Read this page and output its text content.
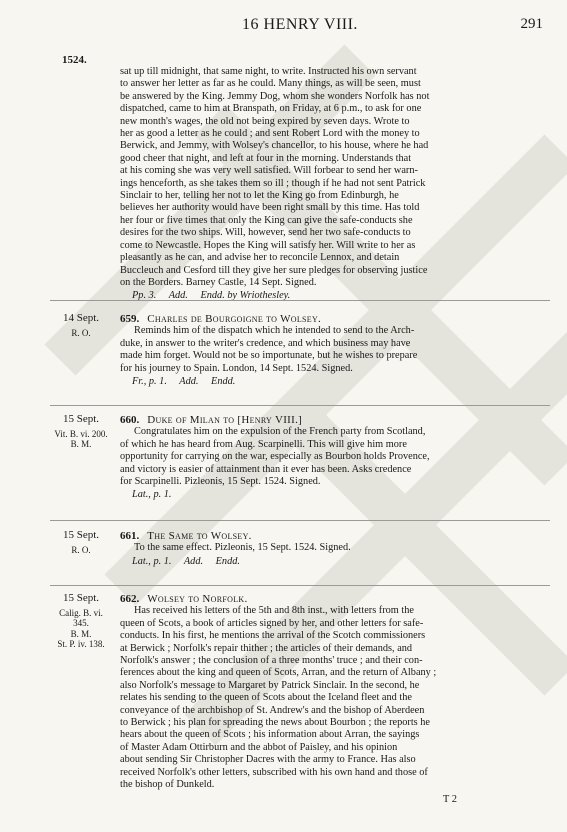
16 HENRY VIII.	291
1524.

sat up till midnight, that same night, to write. Instructed his own servant

to answer her letter as far as he could. Many things, as will be seen, must

be answered by the King. Jemmy Dog, whom she wonders Norfolk has not

dispatched, came to him at Branspath, on Friday, at 6 p.m., to ask for one

new month's wages, the old not being expired by seven days. Wrote to

her as good a letter as he could ; and sent Robert Lord with the money to

Berwick, and Jemmy, with Wolsey's chancellor, to his house, where he had

good cheer that night, and left at four in the morning. Understands that

at his coming she was very well satisfied. Will forbear to send her warn-

ings henceforth, as she takes them so ill ; though if he had not sent Patrick

Sinclair to her, telling her not to let the King go from Edinburgh, he

believes her authority would have been right small by this time. Has told

her four or five times that only the King can give the safe-conducts she

desires for the two ships. Will, however, send her two safe-conducts to

come to Newcastle. Hopes the King will satisfy her. Will write to her as

pleasantly as he can, and advise her to reconcile Lennox, and detain

Buccleuch and Cesford till they give her sure pledges for observing justice

on the Borders. Barney Castle, 14 Sept. Signed.

Pp. 3. Add. Endd. by Wriothesley.
14 Sept.
R. O.

659. Charles de Bourgoigne to Wolsey.

Reminds him of the dispatch which he intended to send to the Arch-

duke, in answer to the writer's credence, and which business may have

made him forget. Would not be so importunate, but he wishes to prepare

for his journey to Spain. London, 14 Sept. 1524. Signed.

Fr., p. 1. Add. Endd.
15 Sept.
Vit. B. vi. 200.
B. M.

660. Duke of Milan to [Henry VIII.]

Congratulates him on the expulsion of the French party from Scotland,

of which he has heard from Aug. Scarpinelli. This will give him more

opportunity for carrying on the war, especially as Bourbon holds Provence,

and victory is easier of attainment than it ever has been. Asks credence

for Scarpinelli. Pizleonis, 15 Sept. 1524. Signed.

Lat., p. 1.
15 Sept.
R. O.

661. The Same to Wolsey.

To the same effect. Pizleonis, 15 Sept. 1524. Signed.

Lat., p. 1. Add. Endd.
15 Sept.
Calig. B. vi.
345.
B. M.
St. P. iv. 138.

662. Wolsey to Norfolk.

Has received his letters of the 5th and 8th inst., with letters from the

queen of Scots, a book of articles signed by her, and other letters for safe-

conducts. In his first, he mentions the arrival of the Scotch commissioners

at Berwick ; Norfolk's repair thither ; the articles of their demands, and

Norfolk's answer ; the conclusion of a three months' truce ; and their con-

ferences about the king and queen of Scots, Arran, and the return of Albany ;

also Norfolk's message to Margaret by Patrick Sinclair. In the second, he

relates his sending to the queen of Scots about the Iceland fleet and the

conveyance of the archbishop of St. Andrew's and the bishop of Aberdeen

to Berwick ; his plan for spreading the news about Bourbon ; the reports he

hears about the queen of Scots ; his information about Arran, the sayings

of Master Adam Ottirburn and the abbot of Paisley, and his opinion

about sending Sir Christopher Dacres with the army to France. Has also

received Norfolk's other letters, subscribed with his own hand and those of

the bishop of Dunkeld.

T 2
